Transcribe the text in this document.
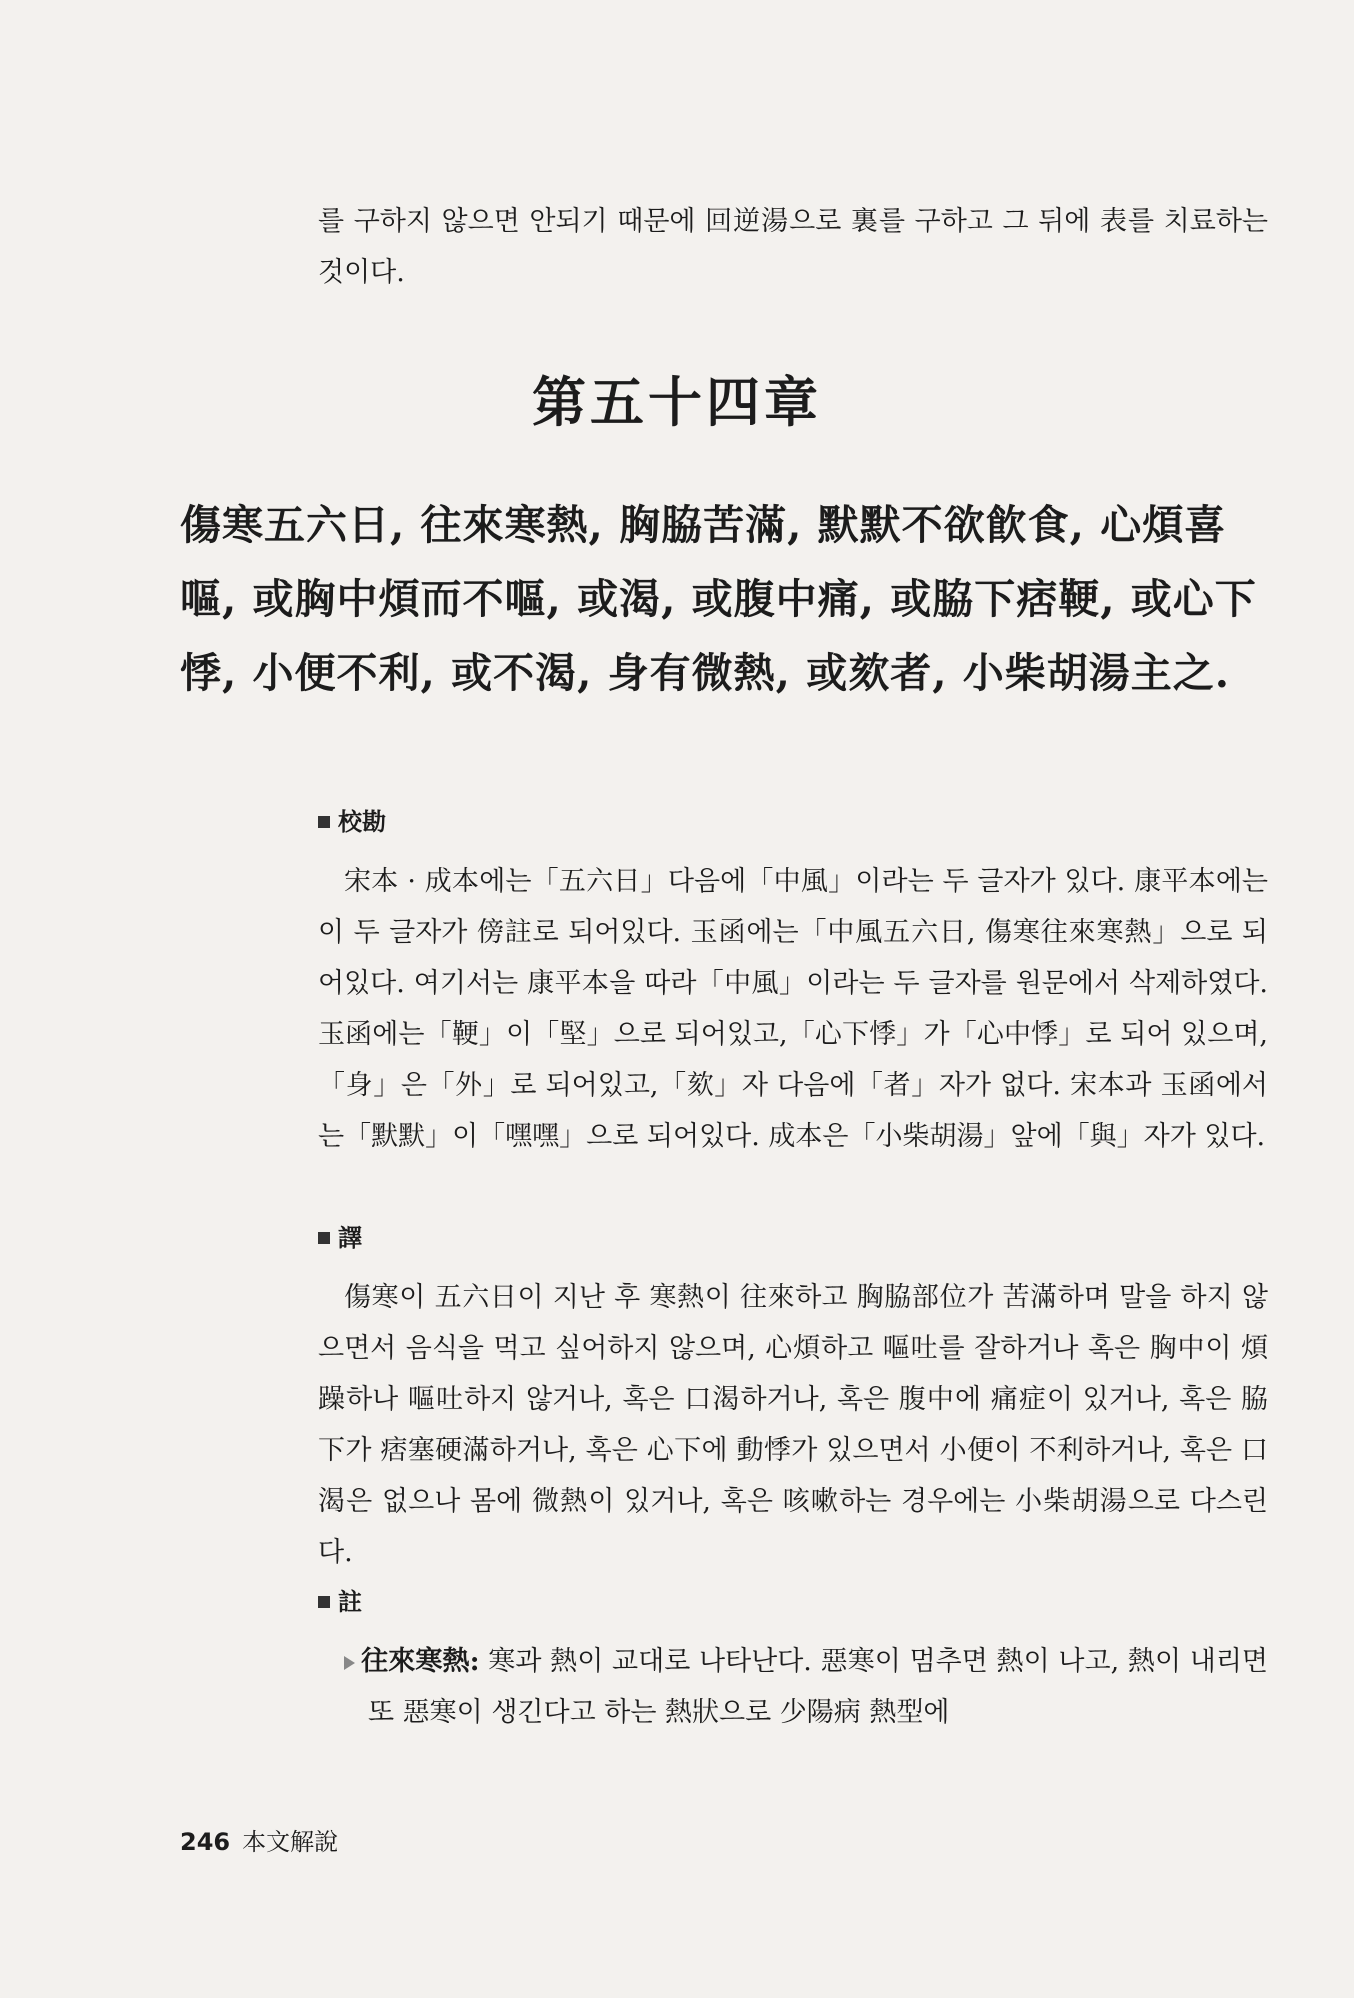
를 구하지 않으면 안되기 때문에 回逆湯으로 裏를 구하고 그 뒤에 表를 치료하는 것이다.

第五十四章

傷寒五六日, 往來寒熱, 胸脇苦滿, 默默不欲飮食, 心煩喜嘔, 或胸中煩而不嘔, 或渴, 或腹中痛, 或脇下痞鞕, 或心下悸, 小便不利, 或不渴, 身有微熱, 或欬者, 小柴胡湯主之.

校勘

宋本 · 成本에는「五六日」다음에「中風」이라는 두 글자가 있다. 康平本에는 이 두 글자가 傍註로 되어있다. 玉函에는「中風五六日, 傷寒往來寒熱」으로 되어있다. 여기서는 康平本을 따라「中風」이라는 두 글자를 원문에서 삭제하였다. 玉函에는「鞕」이「堅」으로 되어있고,「心下悸」가「心中悸」로 되어 있으며,「身」은「外」로 되어있고,「欬」자 다음에「者」자가 없다. 宋本과 玉函에서는「默默」이「嘿嘿」으로 되어있다. 成本은「小柴胡湯」앞에「與」자가 있다.

譯

傷寒이 五六日이 지난 후 寒熱이 往來하고 胸脇部位가 苦滿하며 말을 하지 않으면서 음식을 먹고 싶어하지 않으며, 心煩하고 嘔吐를 잘하거나 혹은 胸中이 煩躁하나 嘔吐하지 않거나, 혹은 口渴하거나, 혹은 腹中에 痛症이 있거나, 혹은 脇下가 痞塞硬滿하거나, 혹은 心下에 動悸가 있으면서 小便이 不利하거나, 혹은 口渴은 없으나 몸에 微熱이 있거나, 혹은 咳嗽하는 경우에는 小柴胡湯으로 다스린다.

註

往來寒熱: 寒과 熱이 교대로 나타난다. 惡寒이 멈추면 熱이 나고, 熱이 내리면 또 惡寒이 생긴다고 하는 熱狀으로 少陽病 熱型에

246 本文解說
